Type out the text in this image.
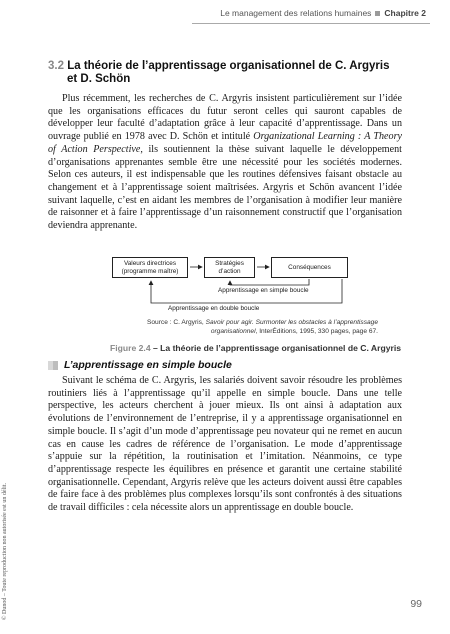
Le management des relations humaines Chapitre 2
3.2 La théorie de l’apprentissage organisationnel de C. Argyris
et D. Schön

Plus récemment, les recherches de C. Argyris insistent particulièrement sur l’idée que les organisations efficaces du futur seront celles qui sauront capables de développer leur faculté d’adaptation grâce à leur capacité d’apprentissage. Dans un ouvrage publié en 1978 avec D. Schön et intitulé Organizational Learning : A Theory of Action Perspective, ils soutiennent la thèse suivant laquelle le développement d’organisations apprenantes semble être une nécessité pour les sociétés modernes. Selon ces auteurs, il est indispensable que les routines défensives faisant obstacle au changement et à l’apprentissage soient maîtrisées. Argyris et Schön avancent l’idée suivant laquelle, c’est en aidant les membres de l’organisation à modifier leur manière de raisonner et à faire l’apprentissage d’un raisonnement constructif que l’organisation deviendra apprenante.

Valeurs directrices (programme maître)
Stratégies d’action
Conséquences
Apprentissage en simple boucle
Apprentissage en double boucle
Source : C. Argyris, Savoir pour agir. Surmonter les obstacles à l’apprentissage
organisationnel, InterÉditions, 1995, 330 pages, page 67.
Figure 2.4 – La théorie de l’apprentissage organisationnel de C. Argyris
L’apprentissage en simple boucle

Suivant le schéma de C. Argyris, les salariés doivent savoir résoudre les problèmes routiniers liés à l’apprentissage qu’il appelle en simple boucle. Dans une telle perspective, les acteurs cherchent à jouer mieux. Ils ont ainsi à adaptation aux évolutions de l’environnement de l’entreprise, il y a apprentissage organisationnel en simple boucle. Il s’agit d’un mode d’apprentissage peu novateur qui ne remet en aucun cas en cause les cadres de référence de l’organisation. Le mode d’apprentissage s’appuie sur la répétition, la routinisation et l’imitation. Néanmoins, ce type d’apprentissage respecte les équilibres en présence et garantit une certaine stabilité organisationnelle. Cependant, Argyris relève que les acteurs doivent aussi être capables de faire face à des problèmes plus complexes lorsqu’ils sont confrontés à des situations de travail difficiles : cela nécessite alors un apprentissage en double boucle.

© Dunod – Toute reproduction non autorisée est un délit.	99
